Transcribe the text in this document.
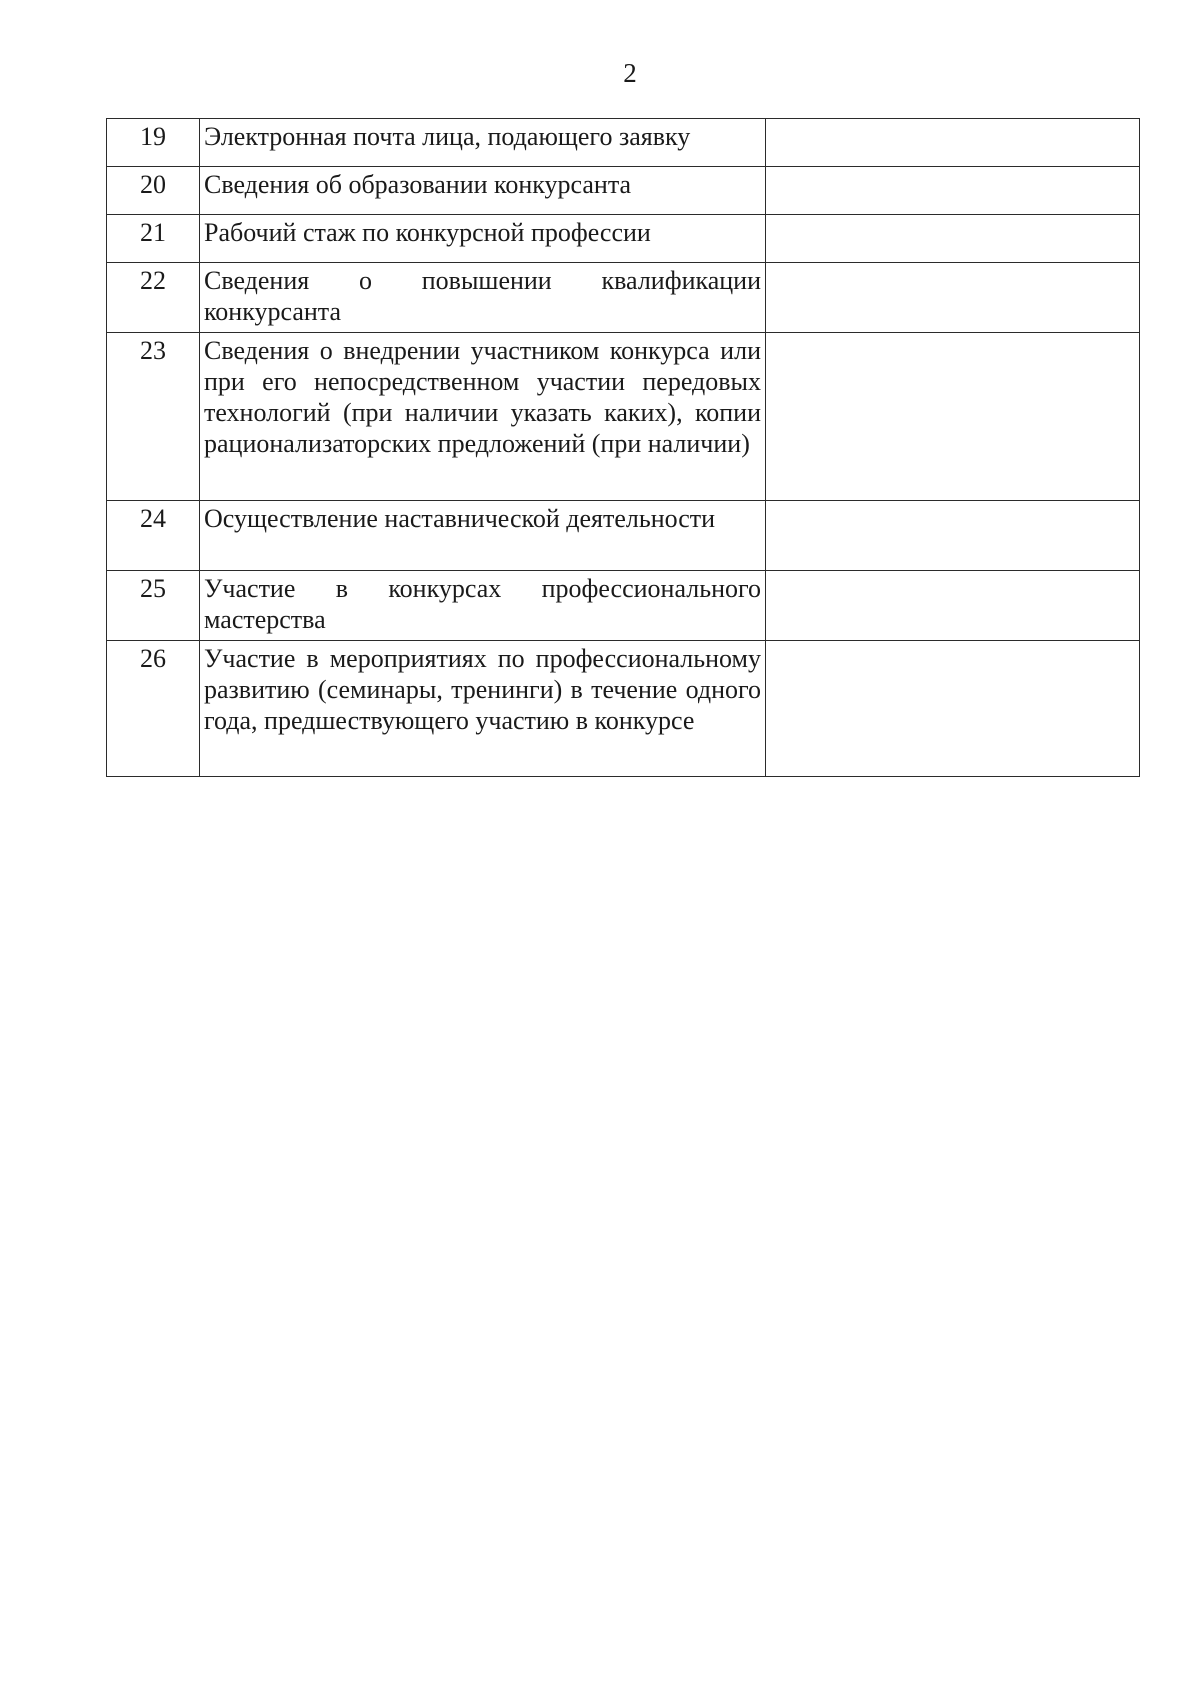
2
19	Электронная почта лица, подающего заявку	
20	Сведения об образовании конкурсанта	
21	Рабочий стаж по конкурсной профессии	
22	Сведения о повышении квалификации конкурсанта	
23	Сведения о внедрении участником конкурса или при его непосредственном участии передовых технологий (при наличии указать каких), копии рационализаторских предложений (при наличии)	
24	Осуществление наставнической деятельности	
25	Участие в конкурсах профессионального мастерства	
26	Участие в мероприятиях по профессиональному развитию (семинары, тренинги) в течение одного года, предшествующего участию в конкурсе	
